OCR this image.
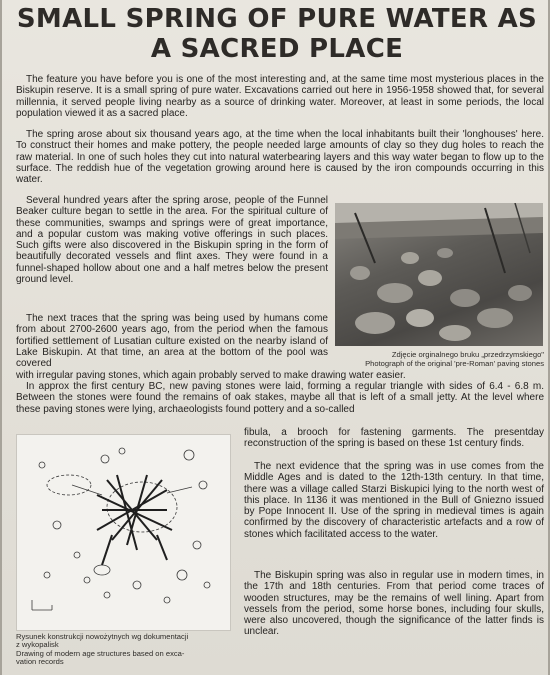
SMALL SPRING OF PURE WATER AS
A SACRED PLACE

The feature you have before you is one of the most interesting and, at the same time most mysterious places in the Biskupin reserve. It is a small spring of pure water. Excavations carried out here in 1956-1958 showed that, for several millennia, it served people living nearby as a source of drinking water. Moreover, at least in some periods, the local population viewed it as a sacred place.

The spring arose about six thousand years ago, at the time when the local inhabitants built their 'longhouses' here. To construct their homes and make pottery, the people needed large amounts of clay so they dug holes to reach the raw material. In one of such holes they cut into natural waterbearing layers and this way water began to flow up to the surface. The reddish hue of the vegetation growing around here is caused by the iron compounds occurring in this water.

Several hundred years after the spring arose, people of the Funnel Beaker culture began to settle in the area. For the spiritual culture of these communities, swamps and springs were of great importance, and a popular custom was making votive offerings in such places. Such gifts were also discovered in the Biskupin spring in the form of beautifully decorated vessels and flint axes. They were found in a funnel-shaped hollow about one and a half metres below the present ground level.

The next traces that the spring was being used by humans come from about 2700-2600 years ago, from the period when the famous fortified settlement of Lusatian culture existed on the nearby island of Lake Biskupin. At that time, an area at the bottom of the pool was covered

with irregular paving stones, which again probably served to make drawing water easier.

In approx the first century BC, new paving stones were laid, forming a regular triangle with sides of 6.4 - 6.8 m. Between the stones were found the remains of oak stakes, maybe all that is left of a small jetty. At the level where these paving stones were lying, archaeologists found pottery and a so-called

fibula, a brooch for fastening garments. The presentday reconstruction of the spring is based on these 1st century finds.

The next evidence that the spring was in use comes from the Middle Ages and is dated to the 12th-13th century. In that time, there was a village called Starzi Biskupici lying to the north west of this place. In 1136 it was mentioned in the Bull of Gniezno issued by Pope Innocent II. Use of the spring in medieval times is again confirmed by the discovery of characteristic artefacts and a row of stones which facilitated access to the water.

The Biskupin spring was also in regular use in modern times, in the 17th and 18th centuries. From that period come traces of wooden structures, may be the remains of well lining. Apart from vessels from the period, some horse bones, including four skulls, were also uncovered, though the significance of the latter finds is unclear.

Zdjęcie orginalnego bruku „przedrzymskiego"
Photograph of the original 'pre-Roman' paving stones
Rysunek konstrukcji nowożytnych wg dokumentacji
z wykopalisk
Drawing of modern age structures based on exca-
vation records
